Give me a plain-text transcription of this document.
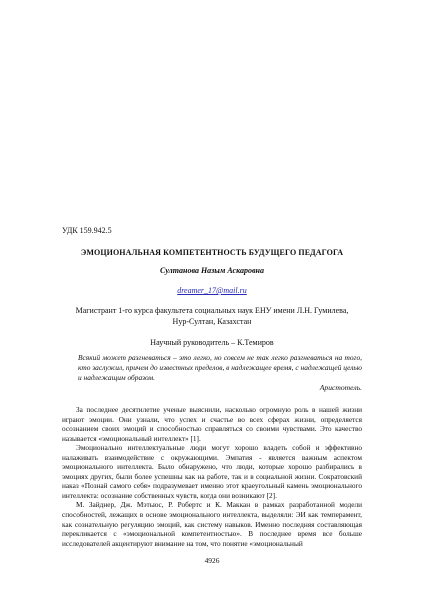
УДК 159.942.5
ЭМОЦИОНАЛЬНАЯ КОМПЕТЕНТНОСТЬ БУДУЩЕГО ПЕДАГОГА
Султанова Назым Аскаровна
dreamer_17@mail.ru
Магистрант 1-го курса факультета социальных наук ЕНУ имени Л.Н. Гумилева,
Нур-Султан, Казахстан
Научный руководитель – К.Темиров
Всякий может разгневаться – это легко, но совсем не так легко разгневаться на того, кто заслужил, причем до известных пределов, в надлежащее время, с надлежащей целью и надлежащим образом.
Аристотель.

За последнее десятилетие ученые выяснили, насколько огромную роль в нашей жизни играют эмоции. Они узнали, что успех и счастье во всех сферах жизни, определяется осознанием своих эмоций и способностью справляться со своими чувствами. Это качество называется «эмоциональный интеллект» [1].

Эмоционально интеллектуальные люди могут хорошо владеть собой и эффективно налаживать взаимодействие с окружающими. Эмпатия - является важным аспектом эмоционального интеллекта. Было обнаружено, что люди, которые хорошо разбирались в эмоциях других, были более успешны как на работе, так и в социальной жизни. Сократовский наказ «Познай самого себя» подразумевает именно этот краеугольный камень эмоционального интеллекта: осознание собственных чувств, когда они возникают [2].

М. Зайднер, Дж. Мэтьюс, Р. Робертс и К. Маккан в рамках разработанной модели способностей, лежащих в основе эмоционального интеллекта, выделяли: ЭИ как темперамент, как сознательную регуляцию эмоций, как систему навыков. Именно последняя составляющая перекликается с «эмоциональной компетентностью». В последнее время все больше исследователей акцентируют внимание на том, что понятие «эмоциональный

4926
